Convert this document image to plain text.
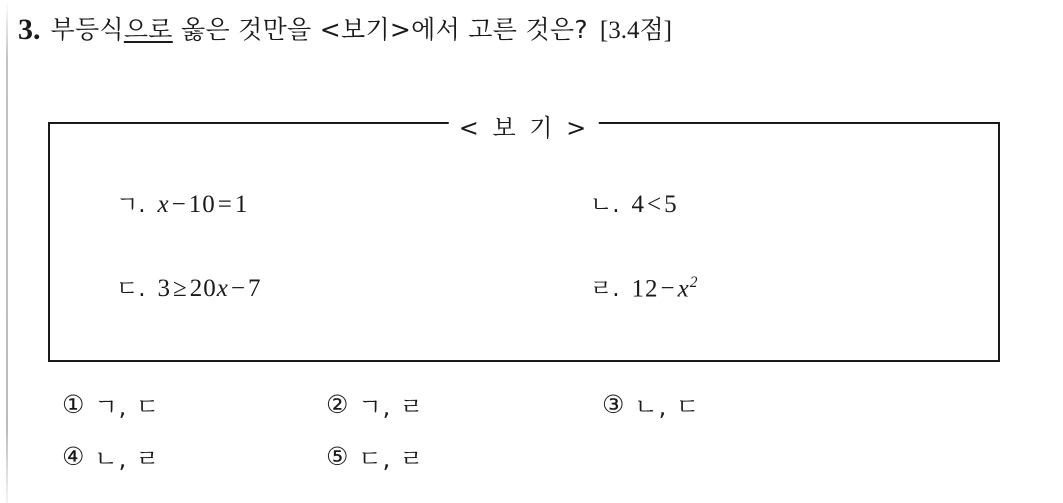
3. 부등식으로 옳은 것만을 <보기>에서 고른 것은? [3.4점]
< 보 기 >
ㄱ. x−10=1	ㄴ. 4<5
ㄷ. 3≥20x−7	ㄹ. $12-x^2$
① ㄱ, ㄷ	② ㄱ, ㄹ	③ ㄴ, ㄷ
④ ㄴ, ㄹ	⑤ ㄷ, ㄹ
